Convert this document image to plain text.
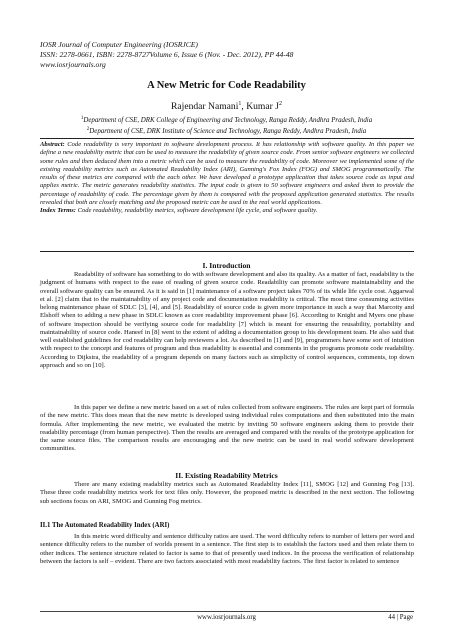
IOSR Journal of Computer Engineering (IOSRJCE)
ISSN: 2278-0661, ISBN: 2278-8727Volume 6, Issue 6 (Nov. - Dec. 2012), PP 44-48
www.iosrjournals.org
A New Metric for Code Readability
Rajendar Namani$^1$, Kumar $J^2$
$^1$Department of CSE, DRK College of Engineering and Technology, Ranga Reddy, Andhra Pradesh, India
$^2$Department of CSE, DRK Institute of Science and Technology, Ranga Reddy, Andhra Pradesh, India
Abstract: Code readability is very important in software development process. It has relationship with software quality. In this paper we define a new readability metric that can be used to measure the readability of given source code. From senior software engineers we collected some rules and then deduced them into a metric which can be used to measure the readability of code. Moreover we implemented some of the existing readability metrics such as Automated Readability Index (ARI), Gunning's Fox Index (FOG) and SMOG programmatically. The results of these metrics are compared with the each other. We have developed a prototype application that takes source code as input and applies metric. The metric generates readability statistics. The input code is given to 50 software engineers and asked them to provide the percentage of readability of code. The percentage given by them is compared with the proposed application generated statistics. The results revealed that both are closely matching and the proposed metric can be used in the real world applications.
Index Terms: Code readability, readability metrics, software development life cycle, and software quality.
I. Introduction
Readability of software has something to do with software development and also its quality. As a matter of fact, readability is the judgment of humans with respect to the ease of reading of given source code. Readability can promote software maintainability and the overall software quality can be ensured. As it is said in [1] maintenance of a software project takes 70% of its while life cycle cost. Aggarwal et al. [2] claim that to the maintainability of any project code and documentation readability is critical. The most time consuming activities belong maintenance phase of SDLC [3], [4], and [5]. Readability of source code is given more importance in such a way that Marcotty and Elshoff when to adding a new phase in SDLC known as core readability improvement phase [6]. According to Knight and Myers one phase of software inspection should be verifying source code for readability [7] which is meant for ensuring the reusability, portability and maintainability of source code. Haneef in [8] went to the extent of adding a documentation group to his development team. He also said that well established guidelines for cod readability can help reviewers a lot. As described in [1] and [9], programmers have some sort of intuition with respect to the concept and features of program and thus readability is essential and comments in the programs promote code readability. According to Dijkstra, the readability of a program depends on many factors such as simplicity of control sequences, comments, top down approach and so on [10].
In this paper we define a new metric based on a set of rules collected from software engineers. The rules are kept part of formula of the new metric. This does mean that the new metric is developed using individual rules computations and then substituted into the main formula. After implementing the new metric, we evaluated the metric by inviting 50 software engineers asking them to provide their readability percentage (from human perspective). Then the results are averaged and compared with the results of the prototype application for the same source files. The comparison results are encouraging and the new metric can be used in real world software development communities.
II. Existing Readability Metrics
There are many existing readability metrics such as Automated Readability Index [11], SMOG [12] and Gunning Fog [13]. These three code readability metrics work for text files only. However, the proposed metric is described in the next section. The following sub sections focus on ARI, SMOG and Gunning Fog metrics.
II.1 The Automated Readability Index (ARI)
In this metric word difficulty and sentence difficulty ratios are used. The word difficulty refers to number of letters per word and sentence difficulty refers to the number of worlds present in a sentence. The first step is to establish the factors used and then relate them to other indices. The sentence structure related to factor is same to that of presently used indices. In the process the verification of relationship between the factors is self – evident. There are two factors associated with most readability factors. The first factor is related to sentence
www.iosrjournals.org	44 | Page
